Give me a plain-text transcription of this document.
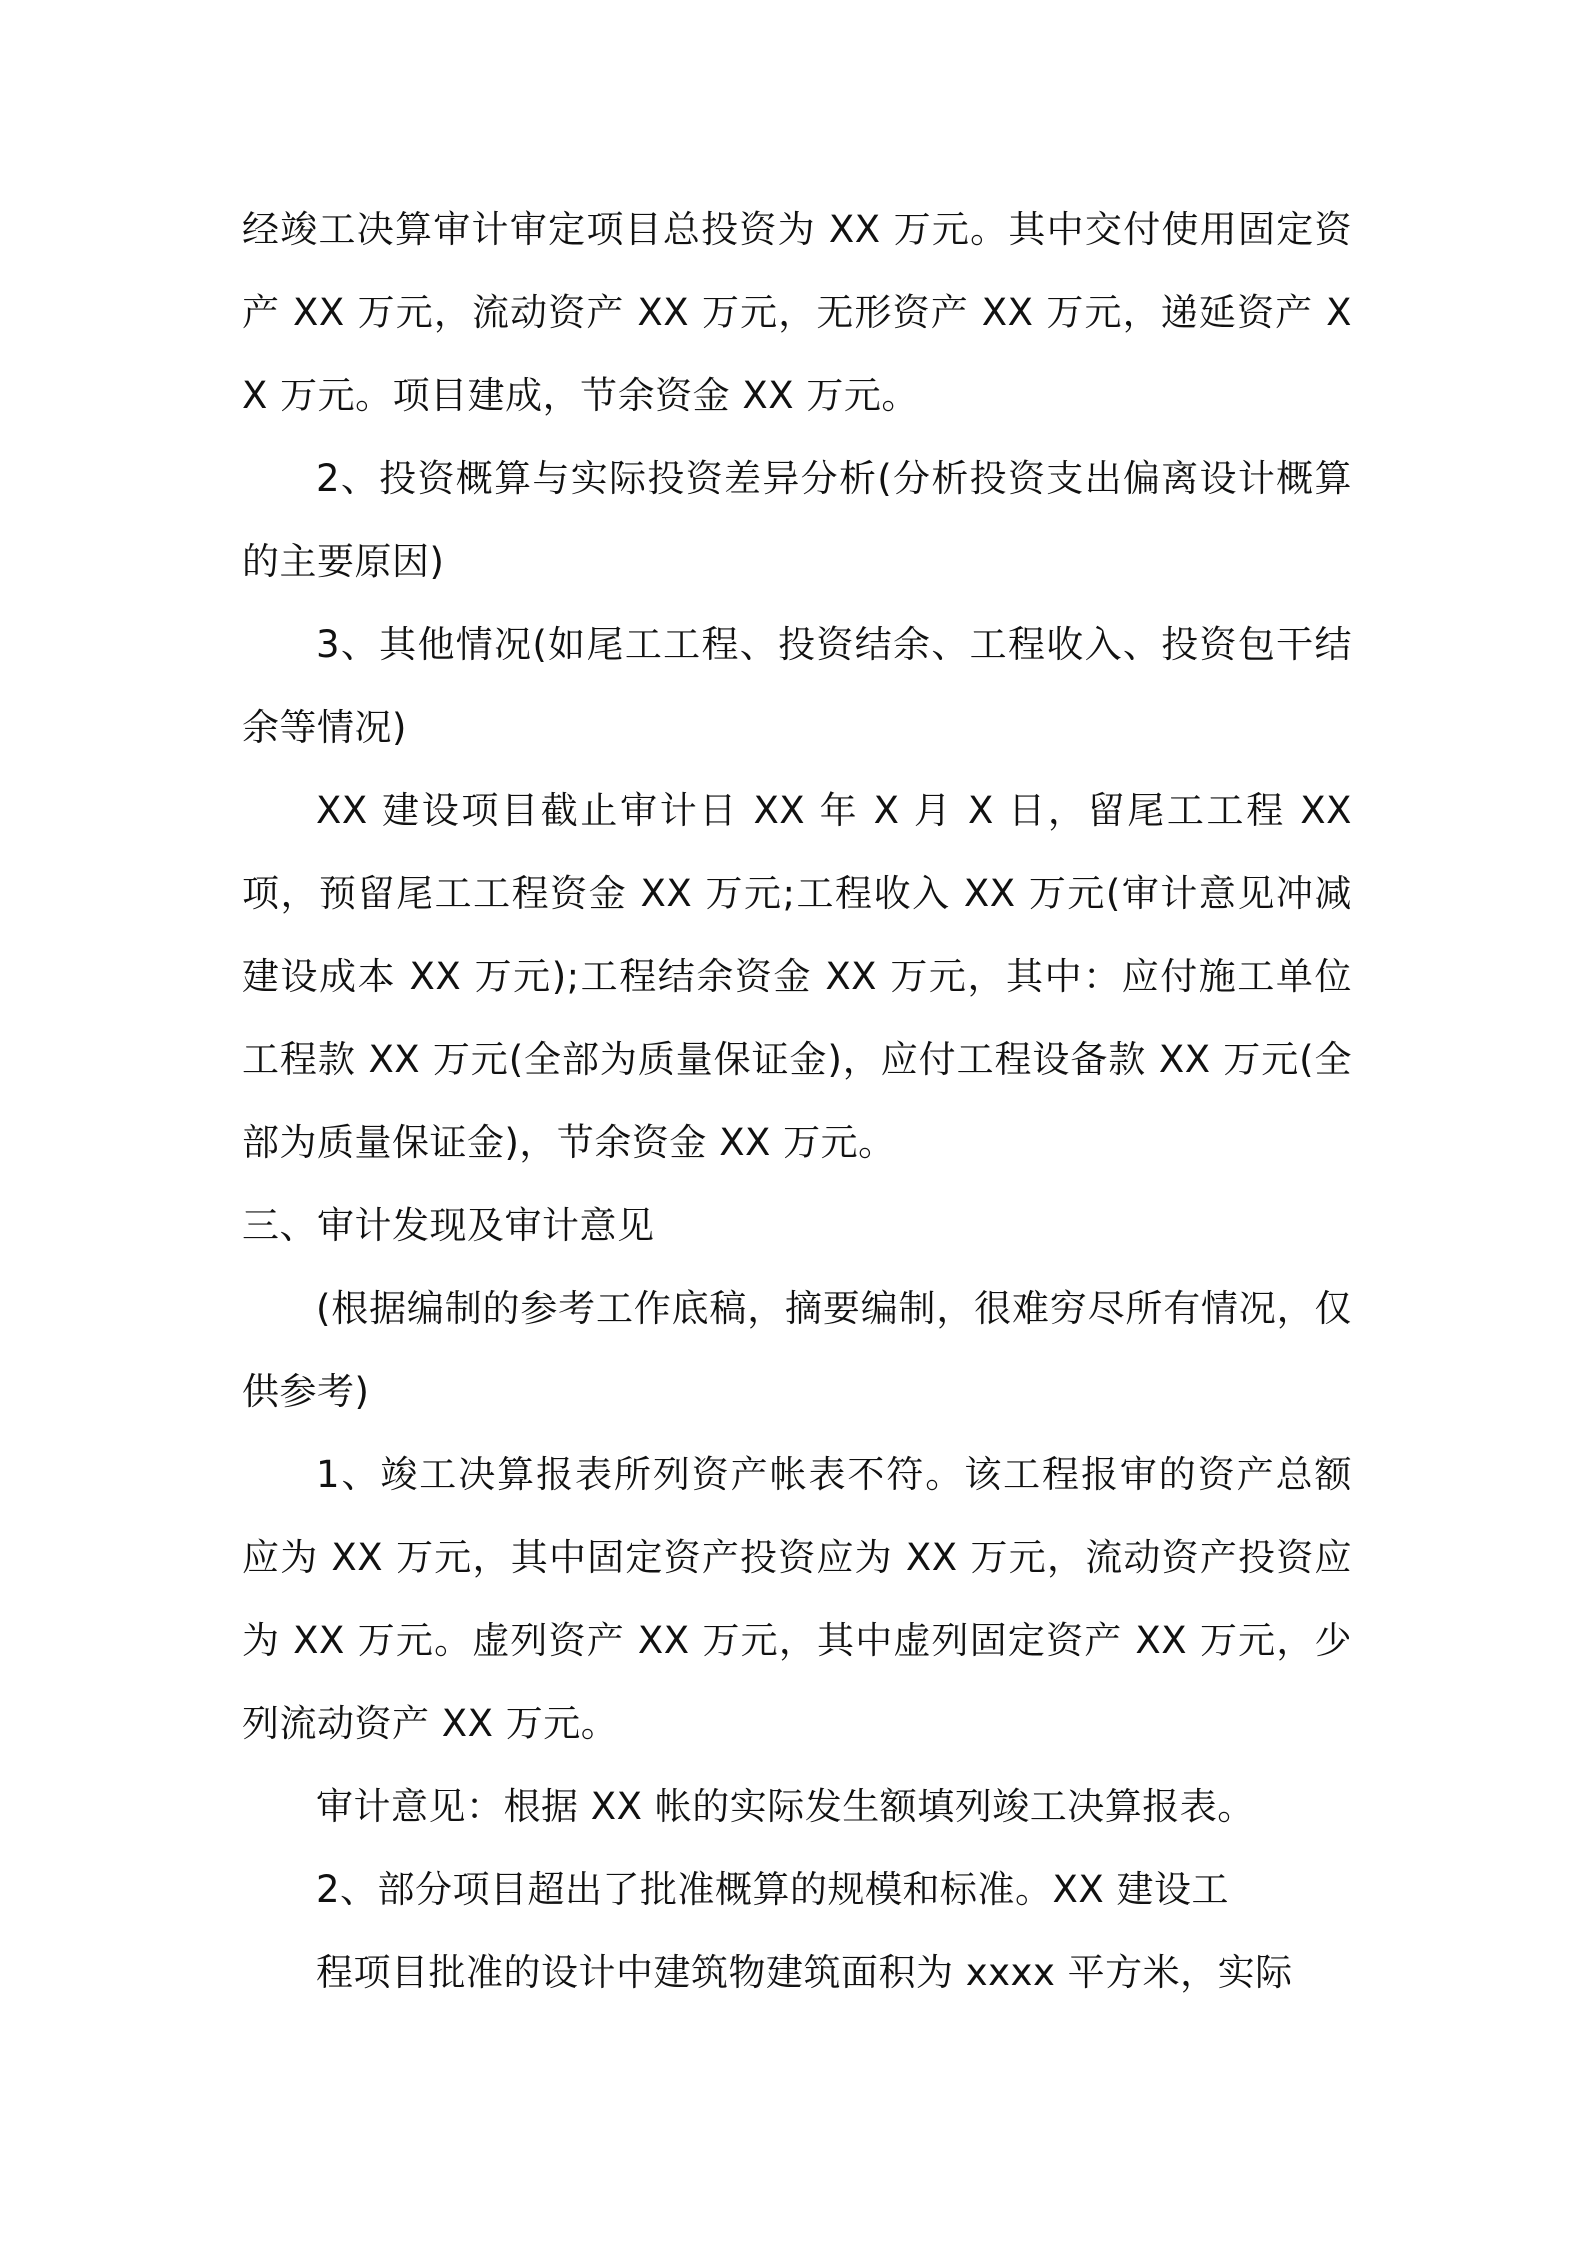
经竣工决算审计审定项目总投资为 XX 万元。其中交付使用固定资产 XX 万元，流动资产 XX 万元，无形资产 XX 万元，递延资产 XX 万元。项目建成，节余资金 XX 万元。

2、投资概算与实际投资差异分析(分析投资支出偏离设计概算的主要原因)

3、其他情况(如尾工工程、投资结余、工程收入、投资包干结余等情况)

XX 建设项目截止审计日 XX 年 X 月 X 日，留尾工工程 XX 项，预留尾工工程资金 XX 万元;工程收入 XX 万元(审计意见冲减建设成本 XX 万元);工程结余资金 XX 万元，其中：应付施工单位工程款 XX 万元(全部为质量保证金)，应付工程设备款 XX 万元(全部为质量保证金)，节余资金 XX 万元。

三、审计发现及审计意见

(根据编制的参考工作底稿，摘要编制，很难穷尽所有情况，仅供参考)

1、竣工决算报表所列资产帐表不符。该工程报审的资产总额应为 XX 万元，其中固定资产投资应为 XX 万元，流动资产投资应为 XX 万元。虚列资产 XX 万元，其中虚列固定资产 XX 万元，少列流动资产 XX 万元。

审计意见：根据 XX 帐的实际发生额填列竣工决算报表。

2、部分项目超出了批准概算的规模和标准。XX 建设工

程项目批准的设计中建筑物建筑面积为 xxxx 平方米，实际
